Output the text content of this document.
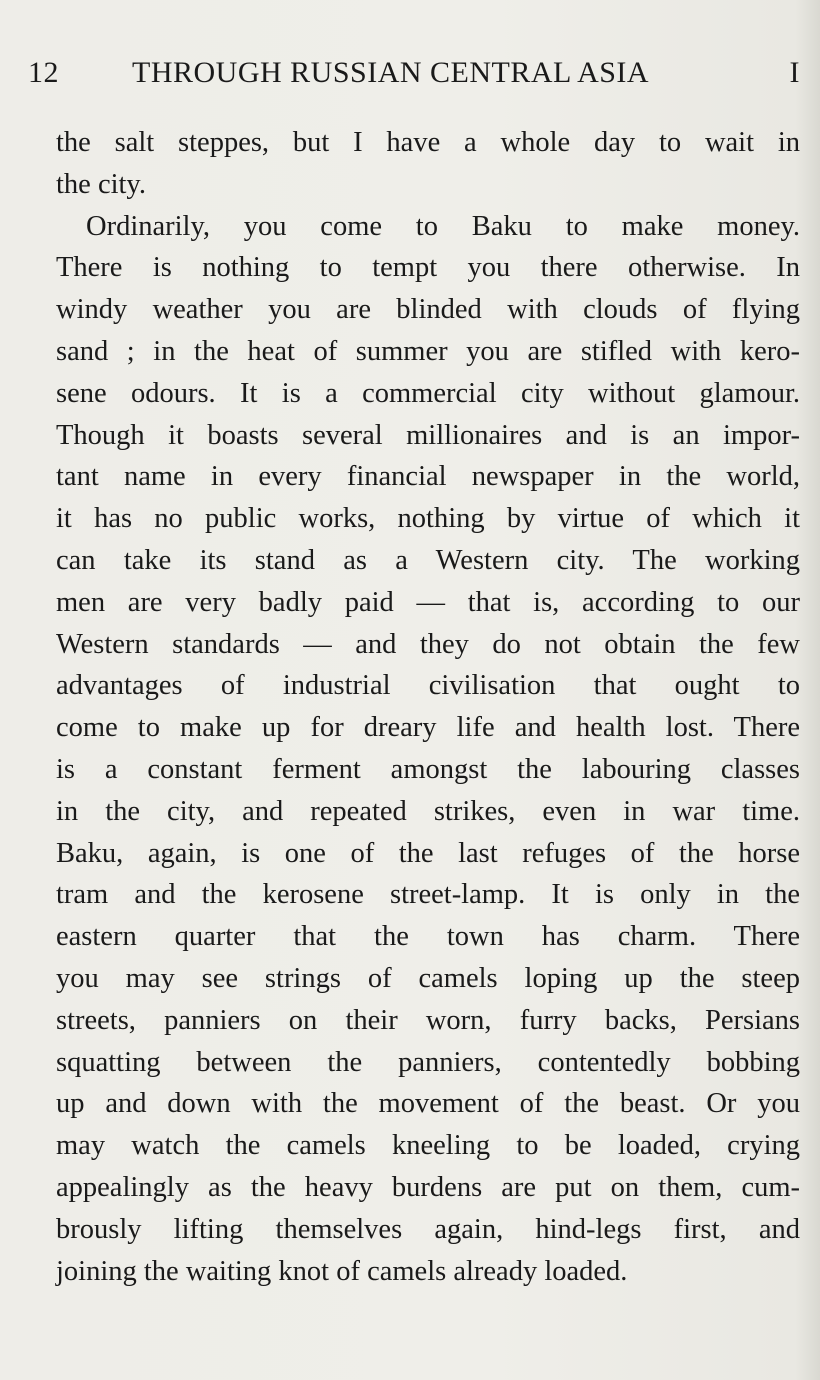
12 THROUGH RUSSIAN CENTRAL ASIA	I
the salt steppes, but I have a whole day to wait in
the city.
Ordinarily, you come to Baku to make money.
There is nothing to tempt you there otherwise. In
windy weather you are blinded with clouds of flying
sand ; in the heat of summer you are stifled with kero-
sene odours. It is a commercial city without glamour.
Though it boasts several millionaires and is an impor-
tant name in every financial newspaper in the world,
it has no public works, nothing by virtue of which it
can take its stand as a Western city. The working
men are very badly paid — that is, according to our
Western standards — and they do not obtain the few
advantages of industrial civilisation that ought to
come to make up for dreary life and health lost. There
is a constant ferment amongst the labouring classes
in the city, and repeated strikes, even in war time.
Baku, again, is one of the last refuges of the horse
tram and the kerosene street-lamp. It is only in the
eastern quarter that the town has charm. There
you may see strings of camels loping up the steep
streets, panniers on their worn, furry backs, Persians
squatting between the panniers, contentedly bobbing
up and down with the movement of the beast. Or you
may watch the camels kneeling to be loaded, crying
appealingly as the heavy burdens are put on them, cum-
brously lifting themselves again, hind-legs first, and
joining the waiting knot of camels already loaded.
